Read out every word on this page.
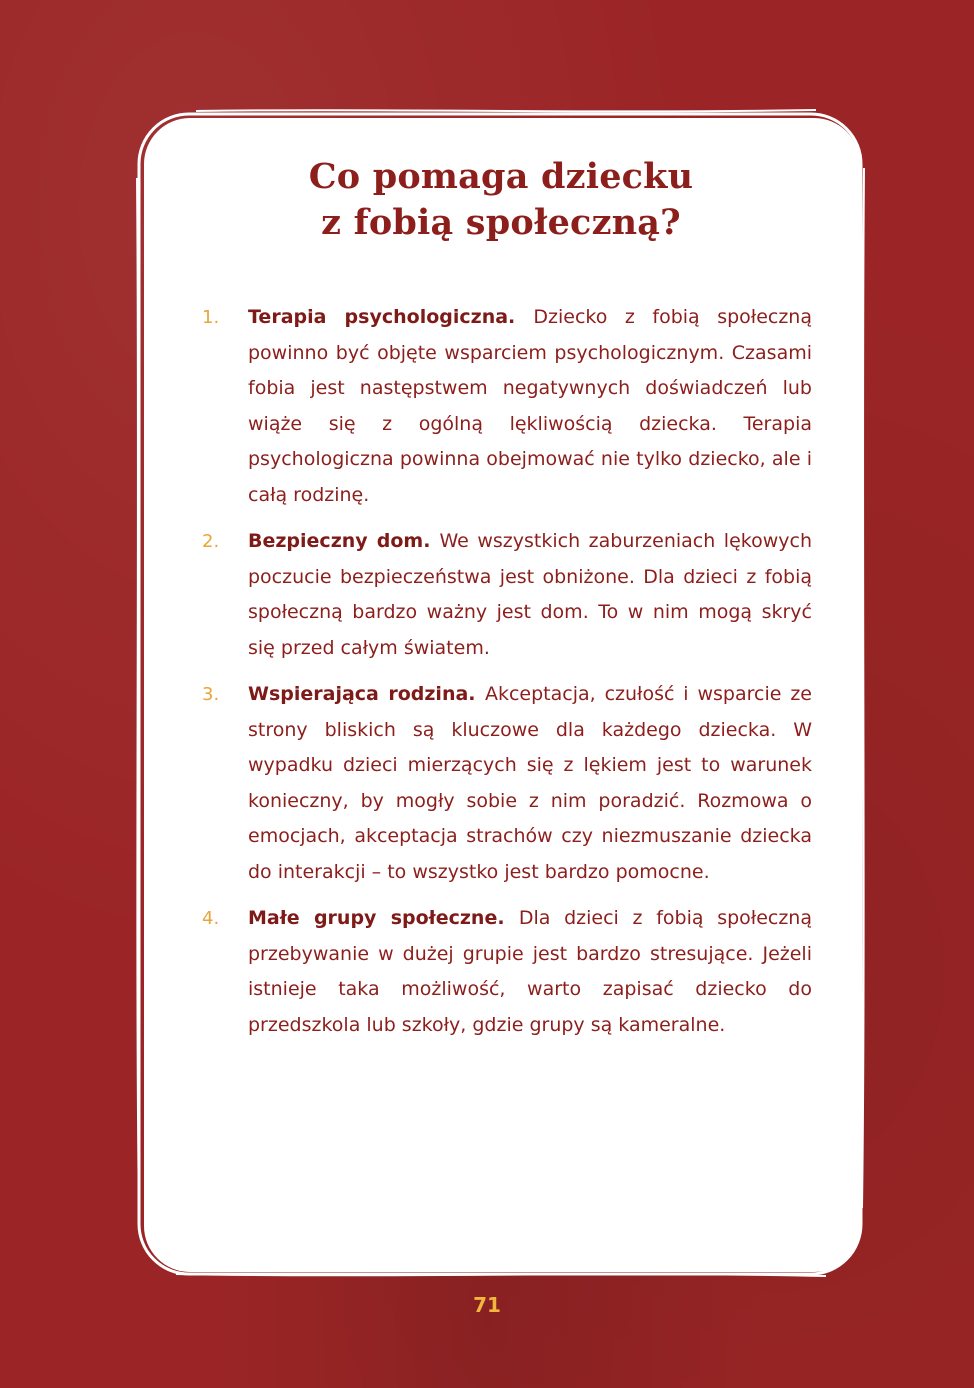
Co pomaga dziecku
z fobią społeczną?
1. Terapia psychologiczna. Dziecko z fobią społeczną powinno być objęte wsparciem psychologicznym. Czasami fobia jest następstwem negatywnych doświadczeń lub wiąże się z ogólną lękliwością dziecka. Terapia psychologiczna powinna obejmować nie tylko dziecko, ale i całą rodzinę.
2. Bezpieczny dom. We wszystkich zaburzeniach lękowych poczucie bezpieczeństwa jest obniżone. Dla dzieci z fobią społeczną bardzo ważny jest dom. To w nim mogą skryć się przed całym światem.
3. Wspierająca rodzina. Akceptacja, czułość i wsparcie ze strony bliskich są kluczowe dla każdego dziecka. W wypadku dzieci mierzących się z lękiem jest to warunek konieczny, by mogły sobie z nim poradzić. Rozmowa o emocjach, akceptacja strachów czy niezmuszanie dziecka do interakcji – to wszystko jest bardzo pomocne.
4. Małe grupy społeczne. Dla dzieci z fobią społeczną przebywanie w dużej grupie jest bardzo stresujące. Jeżeli istnieje taka możliwość, warto zapisać dziecko do przedszkola lub szkoły, gdzie grupy są kameralne.
71
